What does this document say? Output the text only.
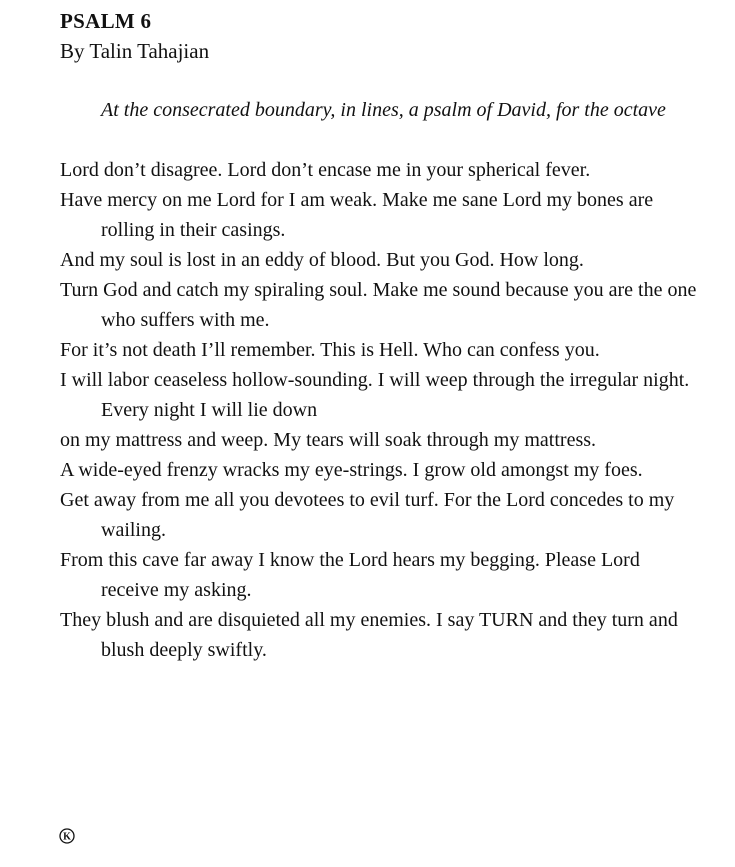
PSALM 6

By Talin Tahajian

At the consecrated boundary, in lines, a psalm of David, for the octave

Lord don’t disagree. Lord don’t encase me in your spherical fever.

Have mercy on me Lord for I am weak. Make me sane Lord my bones are rolling in their casings.

And my soul is lost in an eddy of blood. But you God. How long.

Turn God and catch my spiraling soul. Make me sound because you are the one who suffers with me.

For it’s not death I’ll remember. This is Hell. Who can confess you.

I will labor ceaseless hollow-sounding. I will weep through the irregular night. Every night I will lie down

on my mattress and weep. My tears will soak through my mattress.

A wide-eyed frenzy wracks my eye-strings. I grow old amongst my foes.

Get away from me all you devotees to evil turf. For the Lord concedes to my wailing.

From this cave far away I know the Lord hears my begging. Please Lord receive my asking.

They blush and are disquieted all my enemies. I say TURN and they turn and blush deeply swiftly.

K
